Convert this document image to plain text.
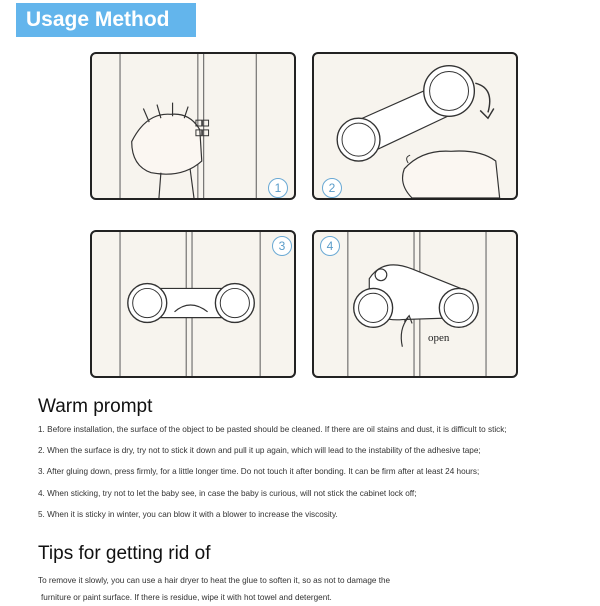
Usage Method
1	2
3	4
open
Warm prompt
1. Before installation, the surface of the object to be pasted should be cleaned. If there are oil stains and dust, it is difficult to stick;
2. When the surface is dry, try not to stick it down and pull it up again, which will lead to the instability of the adhesive tape;
3. After gluing down, press firmly, for a little longer time. Do not touch it after bonding. It can be firm after at least 24 hours;
4. When sticking, try not to let the baby see, in case the baby is curious, will not stick the cabinet lock off;
5. When it is sticky in winter, you can blow it with a blower to increase the viscosity.
Tips for getting rid of
To remove it slowly, you can use a hair dryer to heat the glue to soften it, so as not to damage the
furniture or paint surface. If there is residue, wipe it with hot towel and detergent.
